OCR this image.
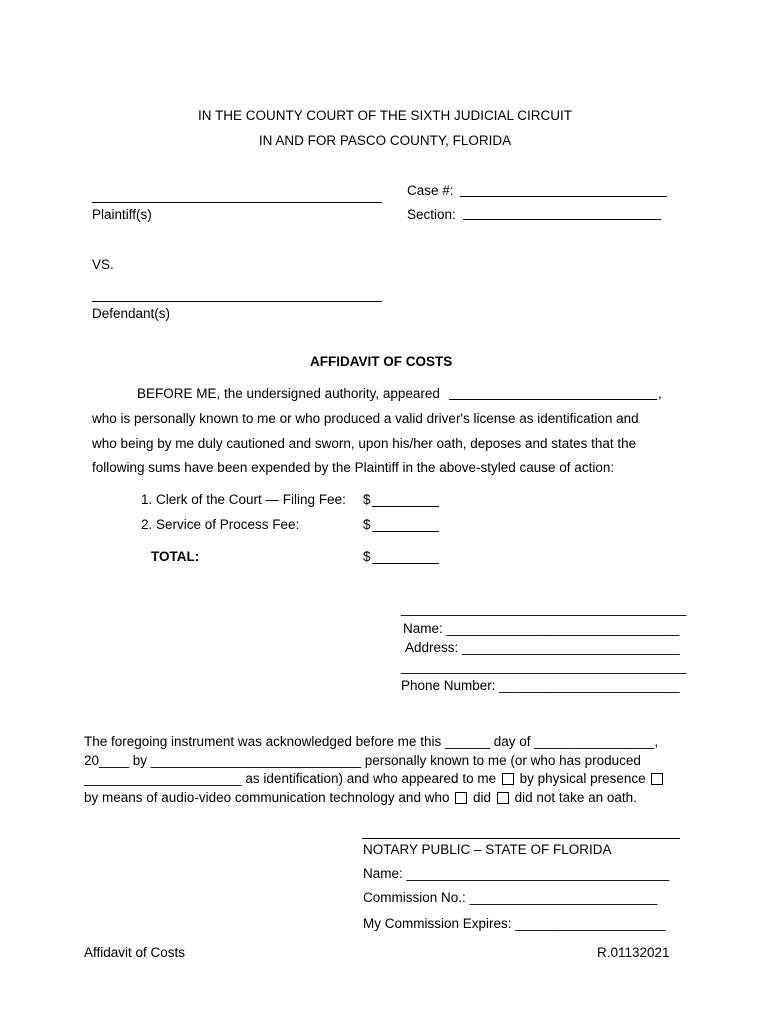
IN THE COUNTY COURT OF THE SIXTH JUDICIAL CIRCUIT
IN AND FOR PASCO COUNTY, FLORIDA
Plaintiff(s)
Case #:
Section:
VS.
Defendant(s)
AFFIDAVIT OF COSTS
BEFORE ME, the undersigned authority, appeared	,
who is personally known to me or who produced a valid driver's license as identification and
who being by me duly cautioned and sworn, upon his/her oath, deposes and states that the
following sums have been expended by the Plaintiff in the above-styled cause of action:
1. Clerk of the Court — Filing Fee: $
2. Service of Process Fee:	$
TOTAL:	$
______________________________________
Name: _______________________________
Address: _____________________________
______________________________________
Phone Number: ________________________
The foregoing instrument was acknowledged before me this ______ day of ________________,
20____ by ____________________________ personally known to me (or who has produced
_____________________ as identification) and who appeared to me by physical presence
by means of audio-video communication technology and who did did not take an oath.
NOTARY PUBLIC – STATE OF FLORIDA
Name: ___________________________________
Commission No.: _________________________
My Commission Expires: ____________________
Affidavit of Costs	R.01132021
